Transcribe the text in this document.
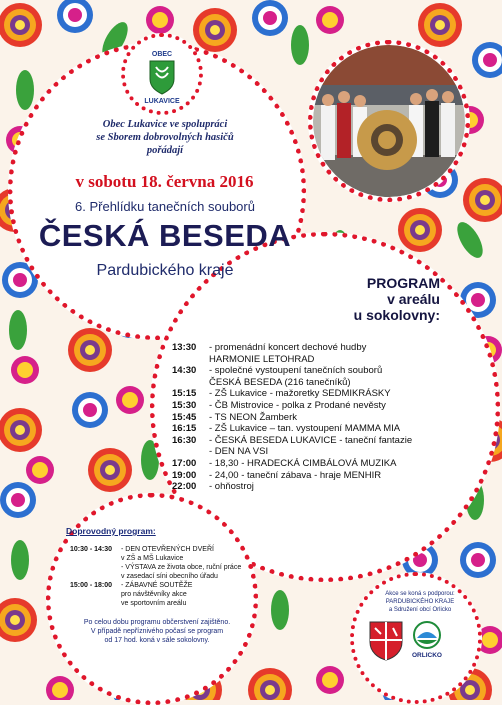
OBEC
LUKAVICE
Obec Lukavice ve spolupráci
se Sborem dobrovolných hasičů
pořádají
v sobotu 18. června 2016
6. Přehlídku tanečních souborů
ČESKÁ BESEDA
Pardubického kraje
PROGRAM
v areálu
u sokolovny:
13:30	- promenádní koncert dechové hudby
HARMONIE LETOHRAD
14:30	- společné vystoupení tanečních souborů
ČESKÁ BESEDA (216 tanečníků)
15:15	- ZŠ Lukavice - mažoretky SEDMIKRÁSKY
15:30	- ČB Mistrovice - polka z Prodané nevěsty
15:45	- TS NEON Žamberk
16:15	- ZŠ Lukavice – tan. vystoupení MAMMA MIA
16:30	- ČESKÁ BESEDA LUKAVICE - taneční fantazie
- DEN NA VSI
17:00	- 18,30 - HRADECKÁ CIMBÁLOVÁ MUZIKA
19:00	- 24,00 - taneční zábava - hraje MENHIR
22:00	- ohňostroj
Doprovodný program:
10:30 - 14:30	- DEN OTEVŘENÝCH DVEŘÍ
v ZŠ a MŠ Lukavice
- VÝSTAVA ze života obce, ruční práce
v zasedací síni obecního úřadu
15:00 - 18:00	- ZÁBAVNÉ SOUTĚŽE
pro návštěvníky akce
ve sportovním areálu
Po celou dobu programu občerstvení zajištěno.
V případě nepříznivého počasí se program
od 17 hod. koná v sále sokolovny.
Akce se koná s podporou:
PARDUBICKÉHO KRAJE
a Sdružení obcí Orlicko
ORLICKO
